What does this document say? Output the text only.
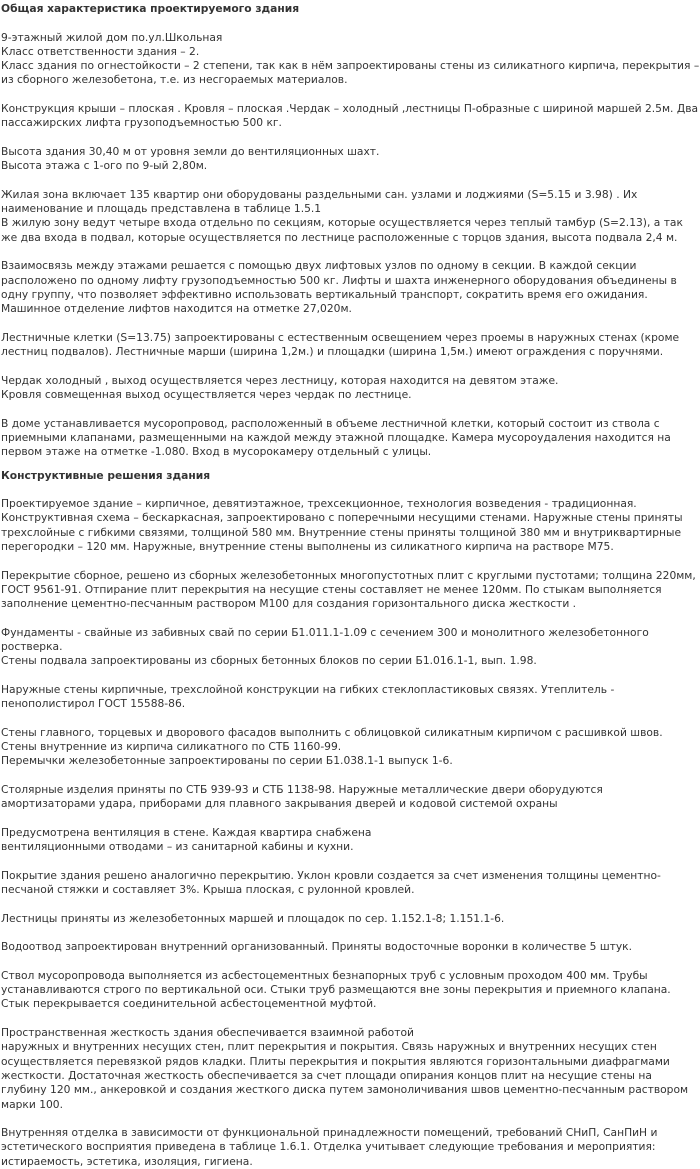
Общая характеристика проектируемого здания
9-этажный жилой дом по.ул.Школьная
Класс ответственности здания – 2.
Класс здания по огнестойкости – 2 степени, так как в нём запроектированы стены из силикатного кирпича, перекрытия – из сборного железобетона, т.е. из несгораемых материалов.
Конструкция крыши – плоская . Кровля – плоская .Чердак – холодный ,лестницы П-образные с шириной маршей 2.5м. Два пассажирских лифта грузоподъемностью 500 кг.
Высота здания 30,40 м от уровня земли до вентиляционных шахт.
Высота этажа с 1-ого по 9-ый 2,80м.
Жилая зона включает 135 квартир они оборудованы раздельными сан. узлами и лоджиями (S=5.15 и 3.98) . Их наименование и площадь представлена в таблице 1.5.1
В жилую зону ведут четыре входа отдельно по секциям, которые осуществляется через теплый тамбур (S=2.13), а так же два входа в подвал, которые осуществляется по лестнице расположенные с торцов здания, высота подвала 2,4 м.
Взаимосвязь между этажами решается с помощью двух лифтовых узлов по одному в секции. В каждой секции расположено по одному лифту грузоподъемностью 500 кг. Лифты и шахта инженерного оборудования объединены в одну группу, что позволяет эффективно использовать вертикальный транспорт, сократить время его ожидания. Машинное отделение лифтов находится на отметке 27,020м.
Лестничные клетки (S=13.75) запроектированы с естественным освещением через проемы в наружных стенах (кроме лестниц подвалов). Лестничные марши (ширина 1,2м.) и площадки (ширина 1,5м.) имеют ограждения с поручнями.
Чердак холодный , выход осуществляется через лестницу, которая находится на девятом этаже.
Кровля совмещенная выход осуществляется через чердак по лестнице.
В доме устанавливается мусоропровод, расположенный в объеме лестничной клетки, который состоит из ствола с приемными клапанами, размещенными на каждой между этажной площадке. Камера мусороудаления находится на первом этаже на отметке -1.080. Вход в мусорокамеру отдельный с улицы.
Конструктивные решения здания
Проектируемое здание – кирпичное, девятиэтажное, трехсекционное, технология возведения - традиционная.
Конструктивная схема – бескаркасная, запроектировано с поперечными несущими стенами. Наружные стены приняты трехслойные с гибкими связями, толщиной 580 мм. Внутренние стены приняты толщиной 380 мм и внутриквартирные перегородки – 120 мм. Наружные, внутренние стены выполнены из силикатного кирпича на растворе М75.
Перекрытие сборное, решено из сборных железобетонных многопустотных плит с круглыми пустотами; толщина 220мм, ГОСТ 9561-91. Отпирание плит перекрытия на несущие стены составляет не менее 120мм. По стыкам выполняется заполнение цементно-песчанным раствором М100 для создания горизонтального диска жесткости .
Фундаменты - свайные из забивных свай по серии Б1.011.1-1.09 с сечением 300 и монолитного железобетонного ростверка.
Стены подвала запроектированы из сборных бетонных блоков по серии Б1.016.1-1, вып. 1.98.
Наружные стены кирпичные, трехслойной конструкции на гибких стеклопластиковых связях. Утеплитель - пенополистирол ГОСТ 15588-86.
Стены главного, торцевых и дворового фасадов выполнить с облицовкой силикатным кирпичом с расшивкой швов.
Стены внутренние из кирпича силикатного по СТБ 1160-99.
Перемычки железобетонные запроектированы по серии Б1.038.1-1 выпуск 1-6.
Столярные изделия приняты по СТБ 939-93 и СТБ 1138-98. Наружные металлические двери оборудуются амортизаторами удара, приборами для плавного закрывания дверей и кодовой системой охраны
Предусмотрена вентиляция в стене. Каждая квартира снабжена
вентиляционными отводами – из санитарной кабины и кухни.
Покрытие здания решено аналогично перекрытию. Уклон кровли создается за счет изменения толщины цементно-песчаной стяжки и составляет 3%. Крыша плоская, с рулонной кровлей.
Лестницы приняты из железобетонных маршей и площадок по сер. 1.152.1-8; 1.151.1-6.
Водоотвод запроектирован внутренний организованный. Приняты водосточные воронки в количестве 5 штук.
Ствол мусоропровода выполняется из асбестоцементных безнапорных труб с условным проходом 400 мм. Трубы устанавливаются строго по вертикальной оси. Стыки труб размещаются вне зоны перекрытия и приемного клапана. Стык перекрывается соединительной асбестоцементной муфтой.
Пространственная жесткость здания обеспечивается взаимной работой
наружных и внутренних несущих стен, плит перекрытия и покрытия. Связь наружных и внутренних несущих стен осуществляется перевязкой рядов кладки. Плиты перекрытия и покрытия являются горизонтальными диафрагмами жесткости. Достаточная жесткость обеспечивается за счет площади опирания концов плит на несущие стены на глубину 120 мм., анкеровкой и создания жесткого диска путем замоноличивания швов цементно-песчанным раствором марки 100.
Внутренняя отделка в зависимости от функциональной принадлежности помещений, требований СНиП, СанПиН и эстетического восприятия приведена в таблице 1.6.1. Отделка учитывает следующие требования и мероприятия: истираемость, эстетика, изоляция, гигиена.
